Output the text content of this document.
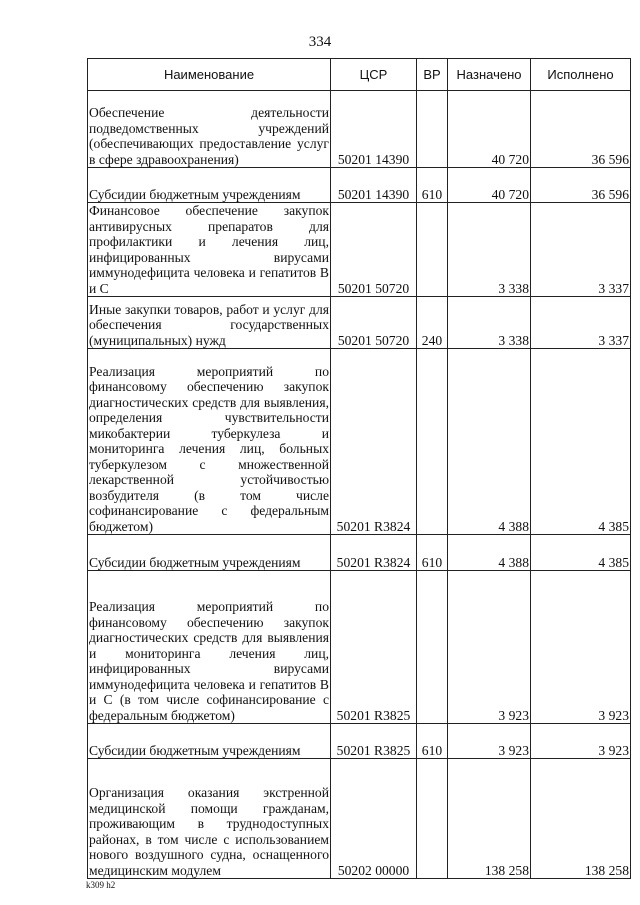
334
Наименование	ЦСР	ВР	Назначено	Исполнено
Обеспечение деятельности подведомственных учреждений (обеспечивающих предоставление услуг в сфере здравоохранения)	50201 14390		40 720	36 596
Субсидии бюджетным учреждениям	50201 14390	610	40 720	36 596
Финансовое обеспечение закупок антивирусных препаратов для профилактики и лечения лиц, инфицированных вирусами иммунодефицита человека и гепатитов В и С	50201 50720		3 338	3 337
Иные закупки товаров, работ и услуг для обеспечения государственных (муниципальных) нужд	50201 50720	240	3 338	3 337
Реализация мероприятий по финансовому обеспечению закупок диагностических средств для выявления, определения чувствительности микобактерии туберкулеза и мониторинга лечения лиц, больных туберкулезом с множественной лекарственной устойчивостью возбудителя (в том числе софинансирование с федеральным бюджетом)	50201 R3824		4 388	4 385
Субсидии бюджетным учреждениям	50201 R3824	610	4 388	4 385
Реализация мероприятий по финансовому обеспечению закупок диагностических средств для выявления и мониторинга лечения лиц, инфицированных вирусами иммунодефицита человека и гепатитов В и С (в том числе софинансирование с федеральным бюджетом)	50201 R3825		3 923	3 923
Субсидии бюджетным учреждениям	50201 R3825	610	3 923	3 923
Организация оказания экстренной медицинской помощи гражданам, проживающим в труднодоступных районах, в том числе с использованием нового воздушного судна, оснащенного медицинским модулем	50202 00000		138 258	138 258
k309 h2
